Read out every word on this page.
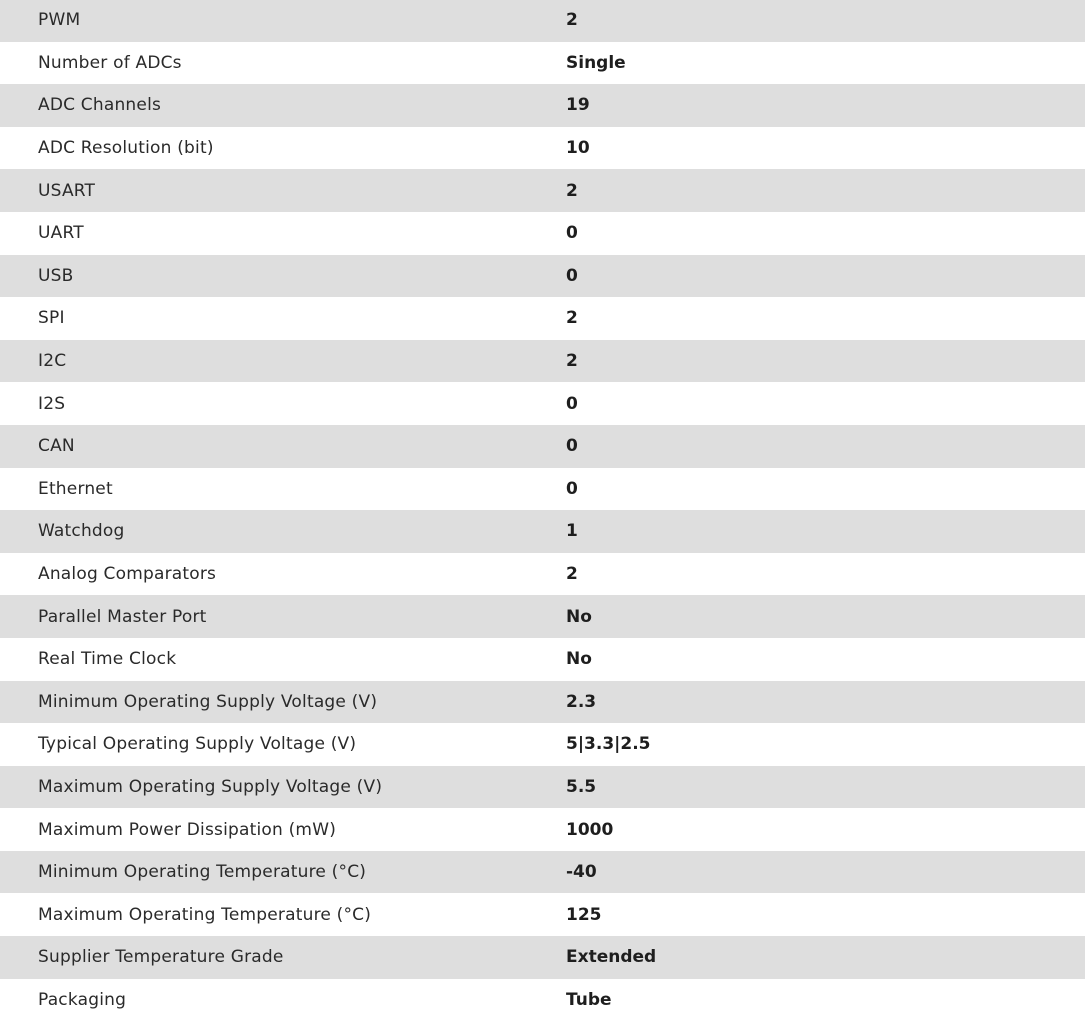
PWM	2
Number of ADCs	Single
ADC Channels	19
ADC Resolution (bit)	10
USART	2
UART	0
USB	0
SPI	2
I2C	2
I2S	0
CAN	0
Ethernet	0
Watchdog	1
Analog Comparators	2
Parallel Master Port	No
Real Time Clock	No
Minimum Operating Supply Voltage (V)	2.3
Typical Operating Supply Voltage (V)	5|3.3|2.5
Maximum Operating Supply Voltage (V)	5.5
Maximum Power Dissipation (mW)	1000
Minimum Operating Temperature (°C)	-40
Maximum Operating Temperature (°C)	125
Supplier Temperature Grade	Extended
Packaging	Tube
